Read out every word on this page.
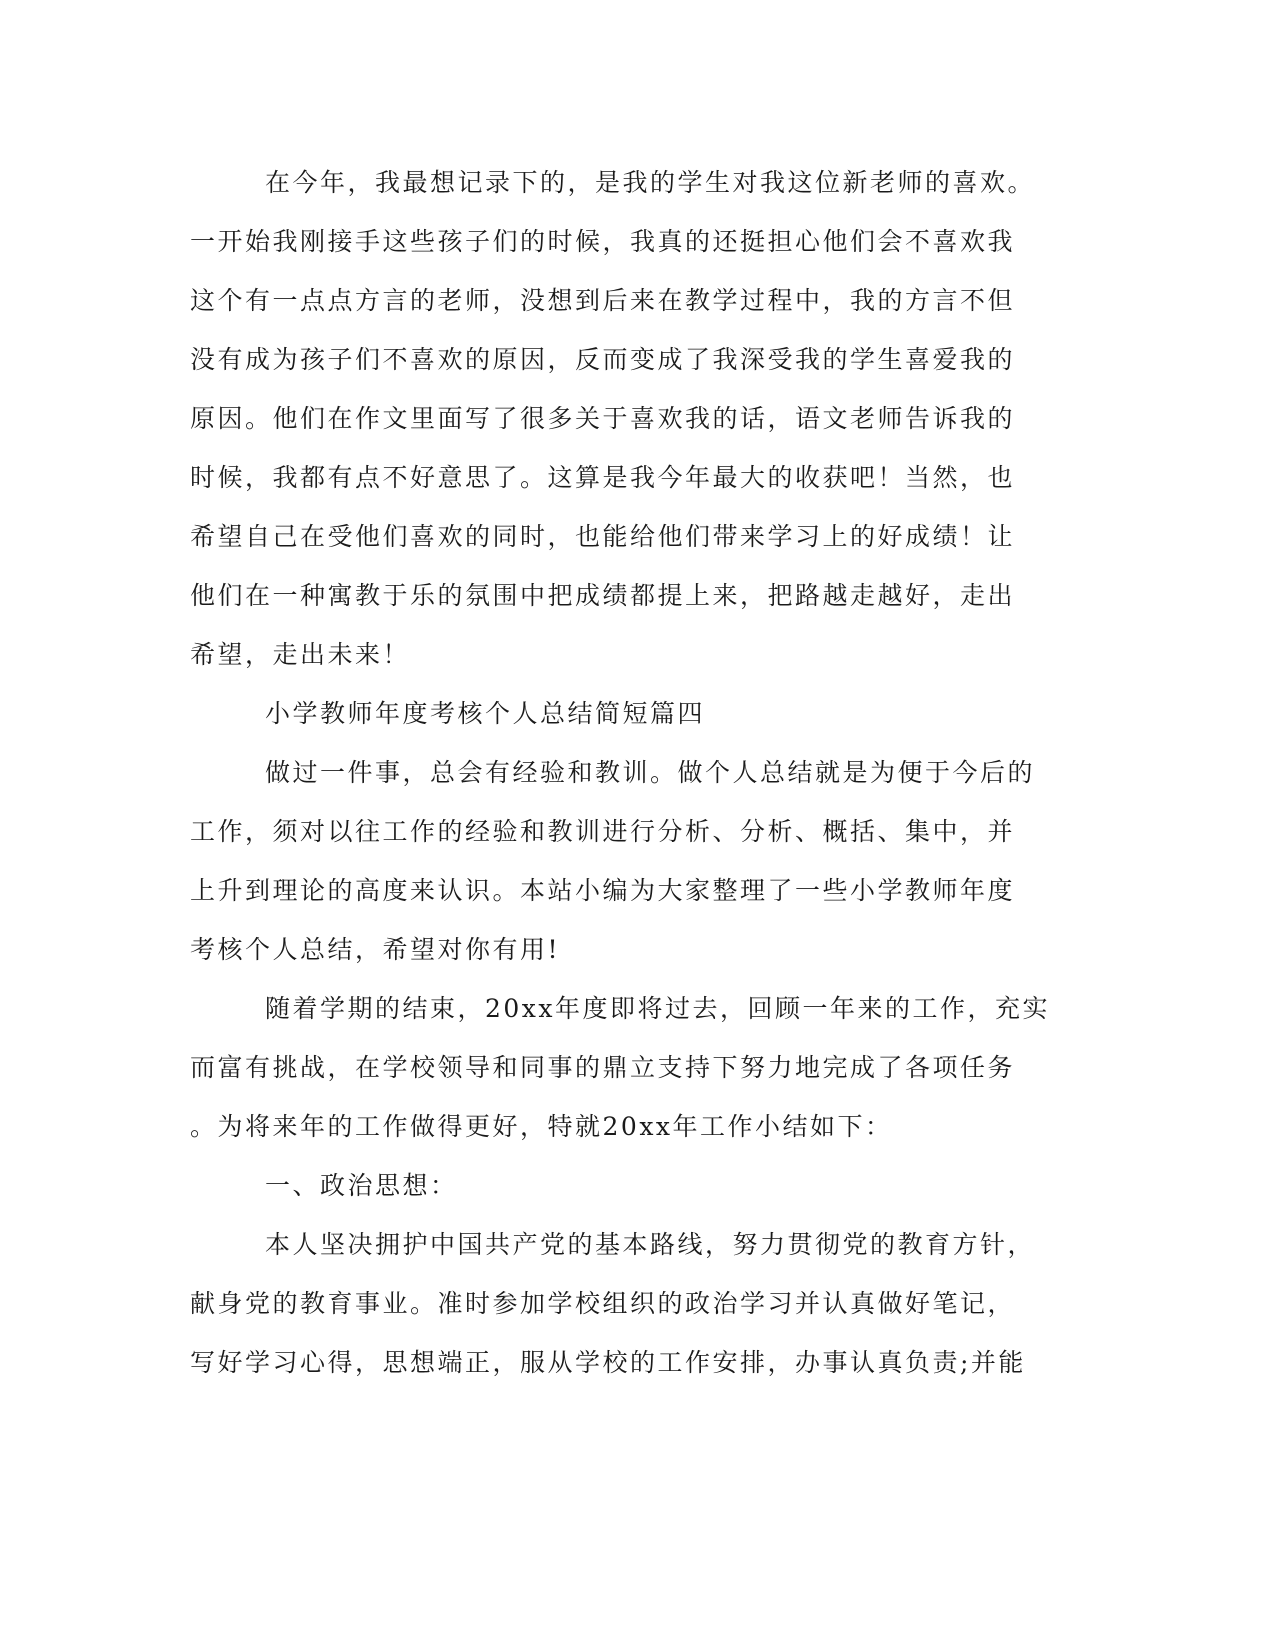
在今年，我最想记录下的，是我的学生对我这位新老师的喜欢。
一开始我刚接手这些孩子们的时候，我真的还挺担心他们会不喜欢我
这个有一点点方言的老师，没想到后来在教学过程中，我的方言不但
没有成为孩子们不喜欢的原因，反而变成了我深受我的学生喜爱我的
原因。他们在作文里面写了很多关于喜欢我的话，语文老师告诉我的
时候，我都有点不好意思了。这算是我今年最大的收获吧！当然，也
希望自己在受他们喜欢的同时，也能给他们带来学习上的好成绩！让
他们在一种寓教于乐的氛围中把成绩都提上来，把路越走越好，走出
希望，走出未来！
小学教师年度考核个人总结简短篇四
做过一件事，总会有经验和教训。做个人总结就是为便于今后的
工作，须对以往工作的经验和教训进行分析、分析、概括、集中，并
上升到理论的高度来认识。本站小编为大家整理了一些小学教师年度
考核个人总结，希望对你有用!
随着学期的结束，20xx年度即将过去，回顾一年来的工作，充实
而富有挑战，在学校领导和同事的鼎立支持下努力地完成了各项任务
。为将来年的工作做得更好，特就20xx年工作小结如下：
一、政治思想：
本人坚决拥护中国共产党的基本路线，努力贯彻党的教育方针，
献身党的教育事业。准时参加学校组织的政治学习并认真做好笔记，
写好学习心得，思想端正，服从学校的工作安排，办事认真负责;并能
